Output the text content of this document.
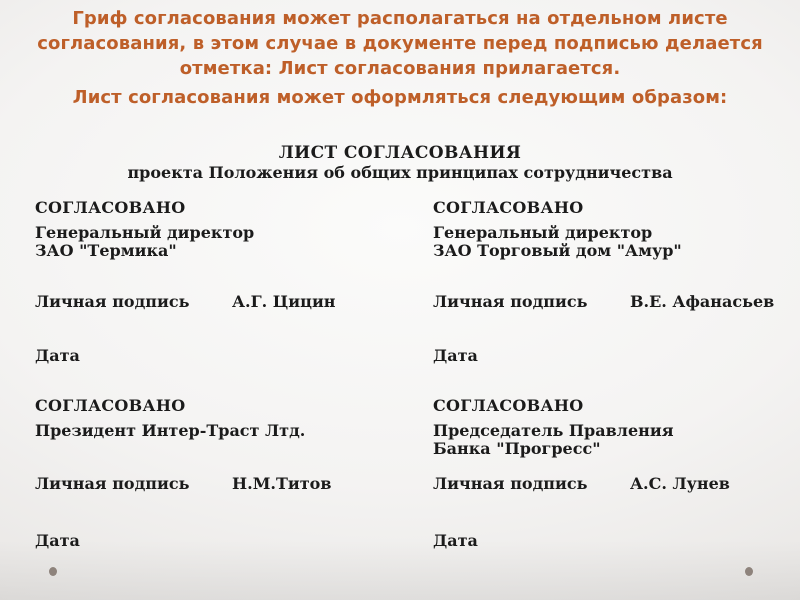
Гриф согласования может располагаться на отдельном листе согласования, в этом случае в документе перед подписью делается отметка: Лист согласования прилагается.

Лист согласования может оформляться следующим образом:

ЛИСТ СОГЛАСОВАНИЯ
проекта Положения об общих принципах сотрудничества
СОГЛАСОВАНО
Генеральный директор
ЗАО "Термика"
Личная подпись	А.Г. Цицин
Дата
СОГЛАСОВАНО
Генеральный директор
ЗАО Торговый дом "Амур"
Личная подпись	В.Е. Афанасьев
Дата
СОГЛАСОВАНО
Президент Интер-Траст Лтд.
Личная подпись	Н.М.Титов
Дата
СОГЛАСОВАНО
Председатель Правления
Банка "Прогресс"
Личная подпись	А.С. Лунев
Дата
